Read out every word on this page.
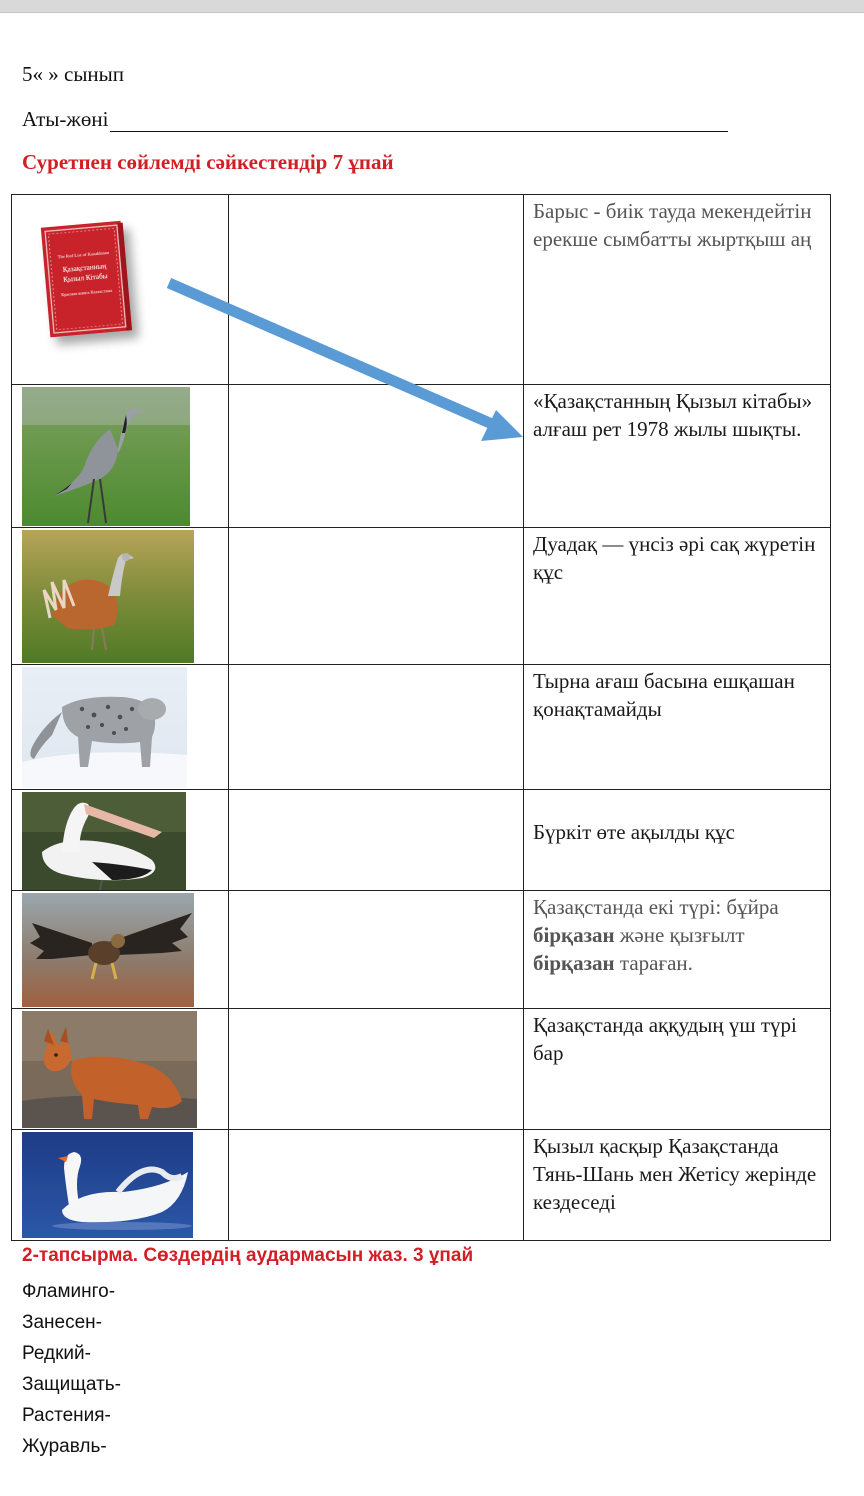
5« » сынып
Аты-жөні
Суретпен сөйлемді сәйкестендір 7 ұпай
The Red List of Kazakhstan
Қазақстанның
Қызыл Кітабы
Красная книга Казахстана		Барыс - биік тауда мекендейтін ерекше сымбатты жыртқыш аң

«Қазақстанның Қызыл кітабы» алғаш рет 1978 жылы шықты.

Дуадақ — үнсіз әрі сақ жүретін құс

Тырна ағаш басына ешқашан қонақтамайды

Бүркіт өте ақылды құс

Қазақстанда екі түрі: бұйра бірқазан және қызғылт бірқазан тараған.

Қазақстанда аққудың үш түрі бар

Қызыл қасқыр Қазақстанда Тянь-Шань мен Жетісу жерінде кездеседі
2-тапсырма. Сөздердің аудармасын жаз. 3 ұпай
Фламинго-
Занесен-
Редкий-
Защищать-
Растения-
Журавль-
